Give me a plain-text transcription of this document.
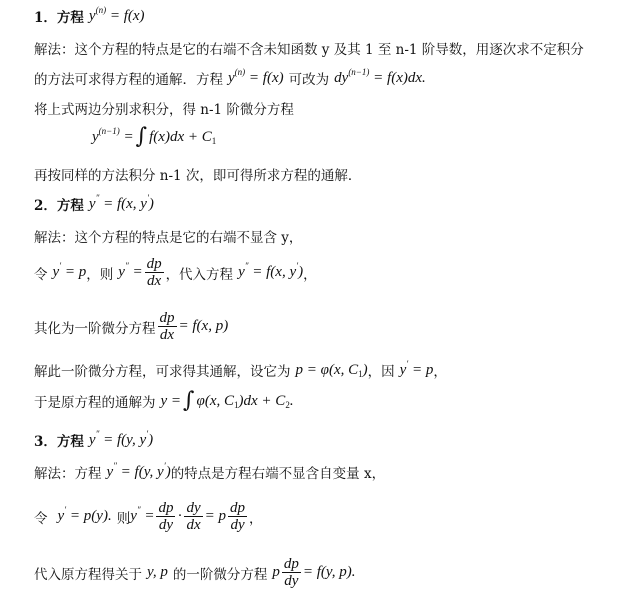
1．方程 $y^{(n)} = f(x)$
解法：这个方程的特点是它的右端不含未知函数 y 及其 1 至 n-1 阶导数，用逐次求不定积分
的方法可求得方程的通解．方程 $y^{(n)} = f(x)$ 可改为 $dy^{(n-1)} = f(x)dx$.
将上式两边分别求积分，得 n-1 阶微分方程
$y^{(n-1)}$ = ∫ $f(x)dx + C_1$
再按同样的方法积分 n-1 次，即可得所求方程的通解．
2．方程 y″ = f(x, y′)
解法：这个方程的特点是它的右端不显含 y，
令 y′ = p ，则 $y'' = \frac{dp}{dx}$ ，代入方程 y″ = f(x, y′) ，
其化为一阶微分方程 $\frac{dp}{dx} = f(x$, p)
解此一阶微分方程，可求得其通解，设它为 p = φ(x, $C_1$) ，因 y′ = p ，
于是原方程的通解为 y = ∫ φ(x, $C_1)dx + C_2$.
3．方程 y″ = f(y, y′)
解法：方程 y″ = f(y, y′) 的特点是方程右端不显含自变量 x，
令 y′ = p(y). 则 $y'' = \frac{dp}{dy} \cdot \frac{dy}{dx} = p \frac{dp}{dy}$ ，
代入原方程得关于 y, p 的一阶微分方程 p $\frac{dp}{dy} = f(y$, p).
